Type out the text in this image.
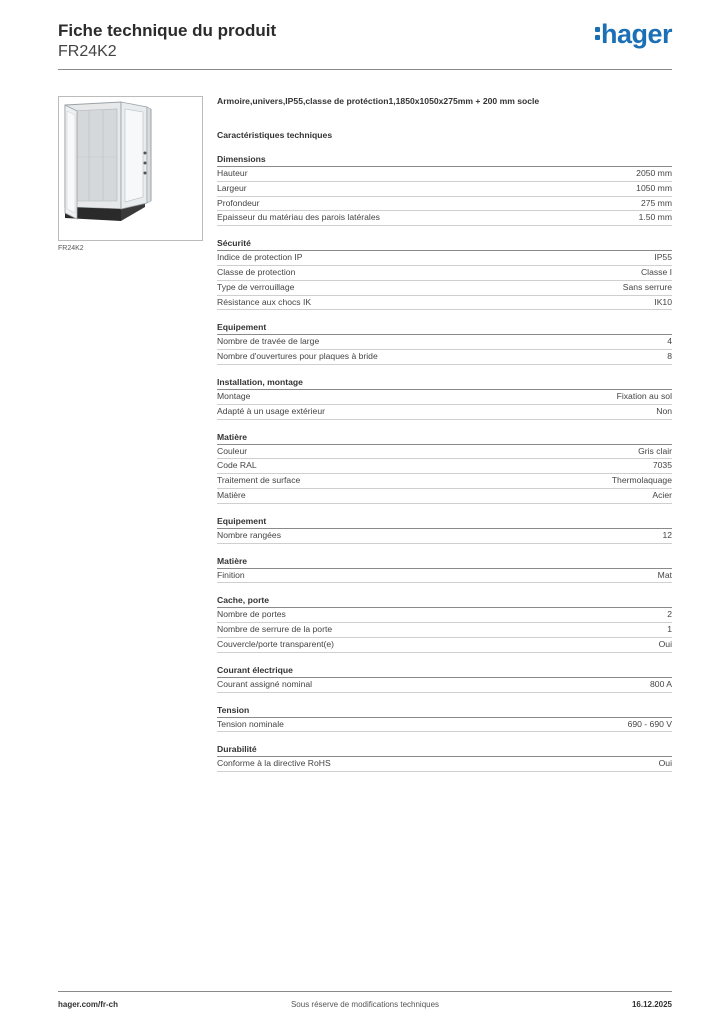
Fiche technique du produit
FR24K2
hager
FR24K2
Armoire,univers,IP55,classe de protéction1,1850x1050x275mm + 200 mm socle
Caractéristiques techniques
Dimensions
Hauteur	2050 mm
Largeur	1050 mm
Profondeur	275 mm
Epaisseur du matériau des parois latérales	1.50 mm
Sécurité
Indice de protection IP	IP55
Classe de protection	Classe I
Type de verrouillage	Sans serrure
Résistance aux chocs IK	IK10
Equipement
Nombre de travée de large	4
Nombre d'ouvertures pour plaques à bride	8
Installation, montage
Montage	Fixation au sol
Adapté à un usage extérieur	Non
Matière
Couleur	Gris clair
Code RAL	7035
Traitement de surface	Thermolaquage
Matière	Acier
Equipement
Nombre rangées	12
Matière
Finition	Mat
Cache, porte
Nombre de portes	2
Nombre de serrure de la porte	1
Couvercle/porte transparent(e)	Oui
Courant électrique
Courant assigné nominal	800 A
Tension
Tension nominale	690 - 690 V
Durabilité
Conforme à la directive RoHS	Oui
hager.com/fr-ch	Sous réserve de modifications techniques	16.12.2025
